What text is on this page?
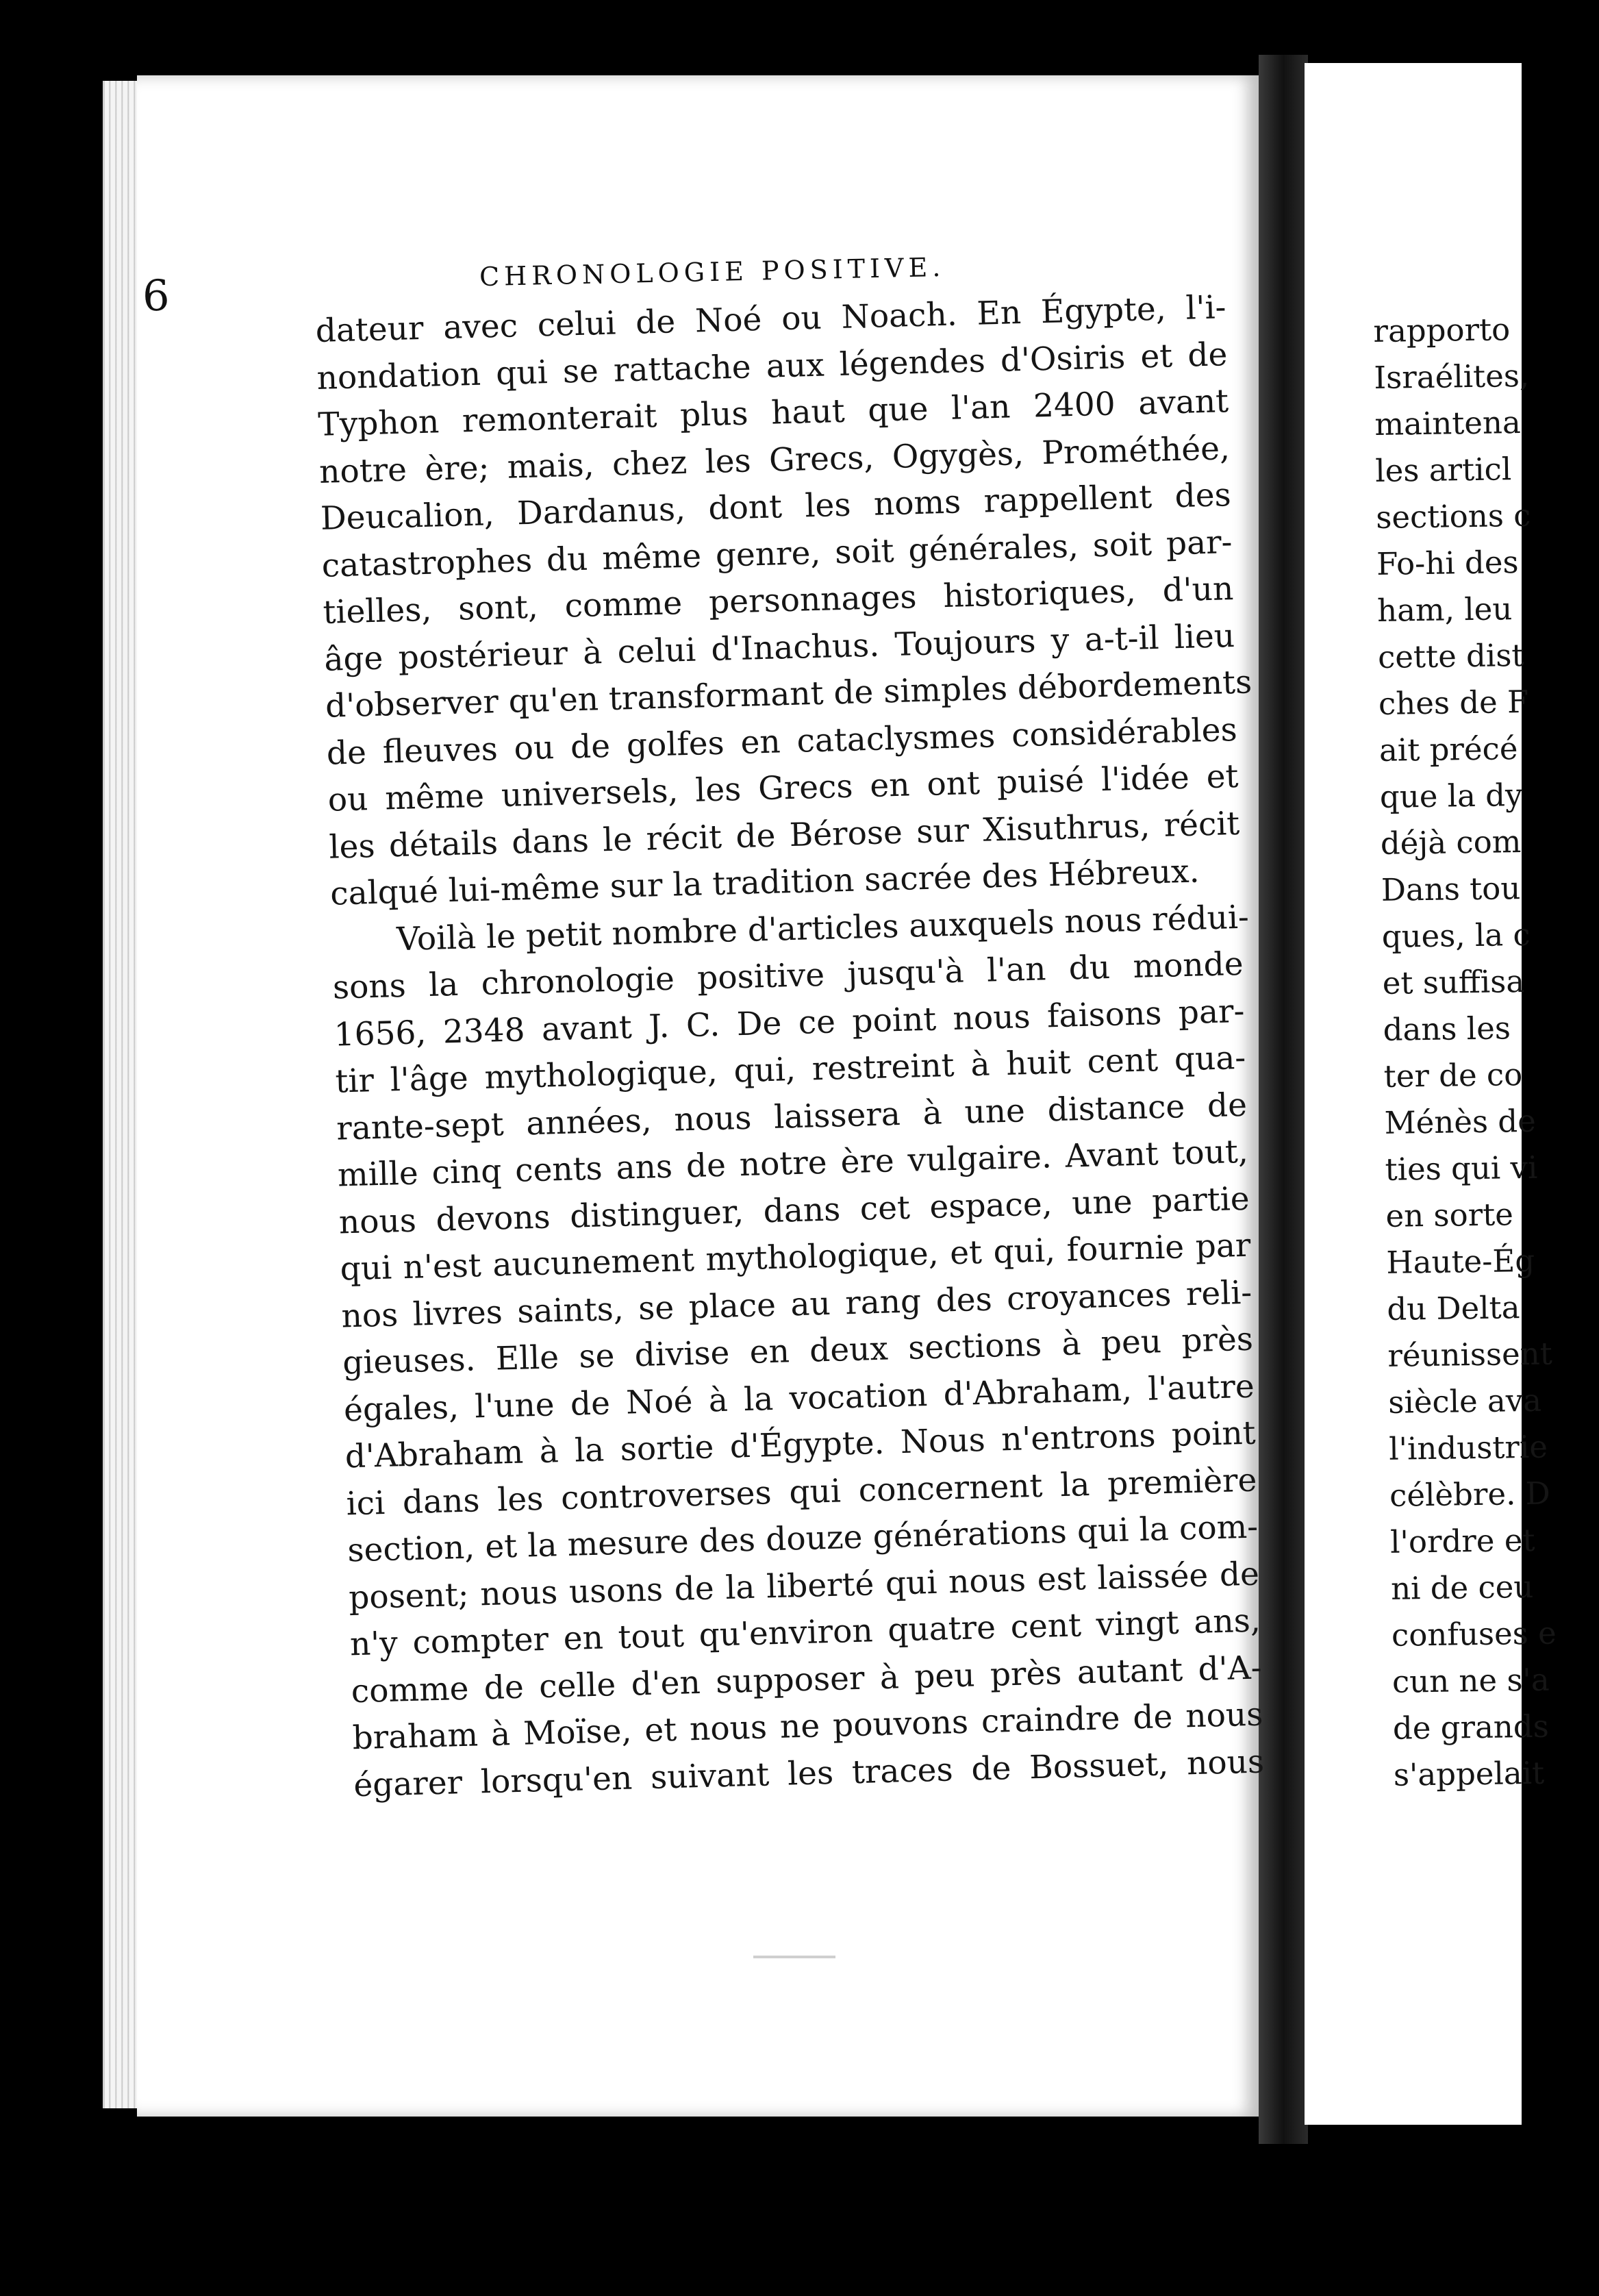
6	CHRONOLOGIE POSITIVE.
dateur avec celui de Noé ou Noach. En Égypte, l'i-
nondation qui se rattache aux légendes d'Osiris et de
Typhon remonterait plus haut que l'an 2400 avant
notre ère; mais, chez les Grecs, Ogygès, Prométhée,
Deucalion, Dardanus, dont les noms rappellent des
catastrophes du même genre, soit générales, soit par-
tielles, sont, comme personnages historiques, d'un
âge postérieur à celui d'Inachus. Toujours y a-t-il lieu
d'observer qu'en transformant de simples débordements
de fleuves ou de golfes en cataclysmes considérables
ou même universels, les Grecs en ont puisé l'idée et
les détails dans le récit de Bérose sur Xisuthrus, récit
calqué lui-même sur la tradition sacrée des Hébreux.
Voilà le petit nombre d'articles auxquels nous rédui-
sons la chronologie positive jusqu'à l'an du monde
1656, 2348 avant J. C. De ce point nous faisons par-
tir l'âge mythologique, qui, restreint à huit cent qua-
rante-sept années, nous laissera à une distance de
mille cinq cents ans de notre ère vulgaire. Avant tout,
nous devons distinguer, dans cet espace, une partie
qui n'est aucunement mythologique, et qui, fournie par
nos livres saints, se place au rang des croyances reli-
gieuses. Elle se divise en deux sections à peu près
égales, l'une de Noé à la vocation d'Abraham, l'autre
d'Abraham à la sortie d'Égypte. Nous n'entrons point
ici dans les controverses qui concernent la première
section, et la mesure des douze générations qui la com-
posent; nous usons de la liberté qui nous est laissée de
n'y compter en tout qu'environ quatre cent vingt ans,
comme de celle d'en supposer à peu près autant d'A-
braham à Moïse, et nous ne pouvons craindre de nous
égarer lorsqu'en suivant les traces de Bossuet, nous
rapporto
Israélites,
maintena
les articl
sections c
Fo-hi des
ham, leu
cette dist
ches de F
ait précé
que la dy
déjà com
Dans tou
ques, la c
et suffisa
dans les
ter de co
Ménès de
ties qui vi
en sorte
Haute-Ég
du Delta
réunissent
siècle ava
l'industrie
célèbre. D
l'ordre et
ni de ceu
confuses e
cun ne s'a
de grands
s'appelait
